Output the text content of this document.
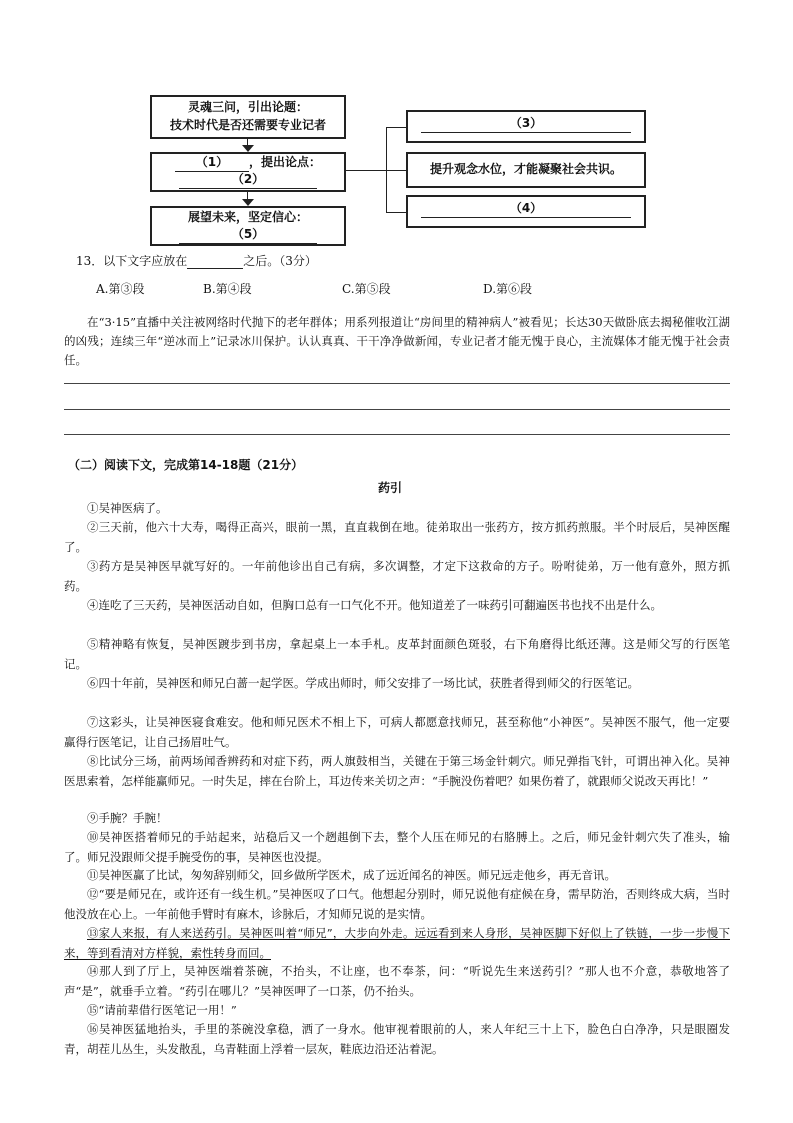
灵魂三问，引出论题：
技术时代是否还需要专业记者
（1） ，提出论点：
（2）
展望未来，坚定信心：
（5）
（3）
提升观念水位，才能凝聚社会共识。
（4）
13．以下文字应放在	之后。（3分）
A.第③段	B.第④段	C.第⑤段	D.第⑥段
在“3·15”直播中关注被网络时代抛下的老年群体；用系列报道让“房间里的精神病人”被看见；长达30天做卧底去揭秘催收江湖的凶残；连续三年“逆冰而上”记录冰川保护。认认真真、干干净净做新闻，专业记者才能无愧于良心，主流媒体才能无愧于社会责任。
（二）阅读下文，完成第14-18题（21分）
药引
①吴神医病了。
②三天前，他六十大寿，喝得正高兴，眼前一黑，直直栽倒在地。徒弟取出一张药方，按方抓药煎服。半个时辰后，吴神医醒了。
③药方是吴神医早就写好的。一年前他诊出自己有病，多次调整，才定下这救命的方子。吩咐徒弟，万一他有意外，照方抓药。
④连吃了三天药，吴神医活动自如，但胸口总有一口气化不开。他知道差了一味药引可翻遍医书也找不出是什么。
⑤精神略有恢复，吴神医踱步到书房，拿起桌上一本手札。皮革封面颜色斑驳，右下角磨得比纸还薄。这是师父写的行医笔记。
⑥四十年前，吴神医和师兄白蔷一起学医。学成出师时，师父安排了一场比试，获胜者得到师父的行医笔记。
⑦这彩头，让吴神医寝食难安。他和师兄医术不相上下，可病人都愿意找师兄，甚至称他“小神医”。吴神医不服气，他一定要赢得行医笔记，让自己扬眉吐气。
⑧比试分三场，前两场闻香辨药和对症下药，两人旗鼓相当，关键在于第三场金针刺穴。师兄弹指飞针，可谓出神入化。吴神医思索着，怎样能赢师兄。一时失足，摔在台阶上，耳边传来关切之声：“手腕没伤着吧？如果伤着了，就跟师父说改天再比！”
⑨手腕？手腕！
⑩吴神医搭着师兄的手站起来，站稳后又一个趔趄倒下去，整个人压在师兄的右胳膊上。之后，师兄金针刺穴失了准头，输了。师兄没跟师父提手腕受伤的事，吴神医也没提。
⑪吴神医赢了比试，匆匆辞别师父，回乡做所学医术，成了远近闻名的神医。师兄远走他乡，再无音讯。
⑫“要是师兄在，或许还有一线生机。”吴神医叹了口气。他想起分别时，师兄说他有症候在身，需早防治，否则终成大病，当时他没放在心上。一年前他手臂时有麻木，诊脉后，才知师兄说的是实情。
⑬家人来报，有人来送药引。吴神医叫着“师兄”，大步向外走。远远看到来人身形，吴神医脚下好似上了铁链，一步一步慢下来，等到看清对方样貌，索性转身而回。
⑭那人到了厅上，吴神医端着茶碗，不抬头，不让座，也不奉茶，问：“听说先生来送药引？”那人也不介意，恭敬地答了声“是”，就垂手立着。“药引在哪儿？”吴神医呷了一口茶，仍不抬头。
⑮“请前辈借行医笔记一用！”
⑯吴神医猛地抬头，手里的茶碗没拿稳，洒了一身水。他审视着眼前的人，来人年纪三十上下，脸色白白净净，只是眼圈发青，胡茬儿丛生，头发散乱，乌青鞋面上浮着一层灰，鞋底边沿还沾着泥。
